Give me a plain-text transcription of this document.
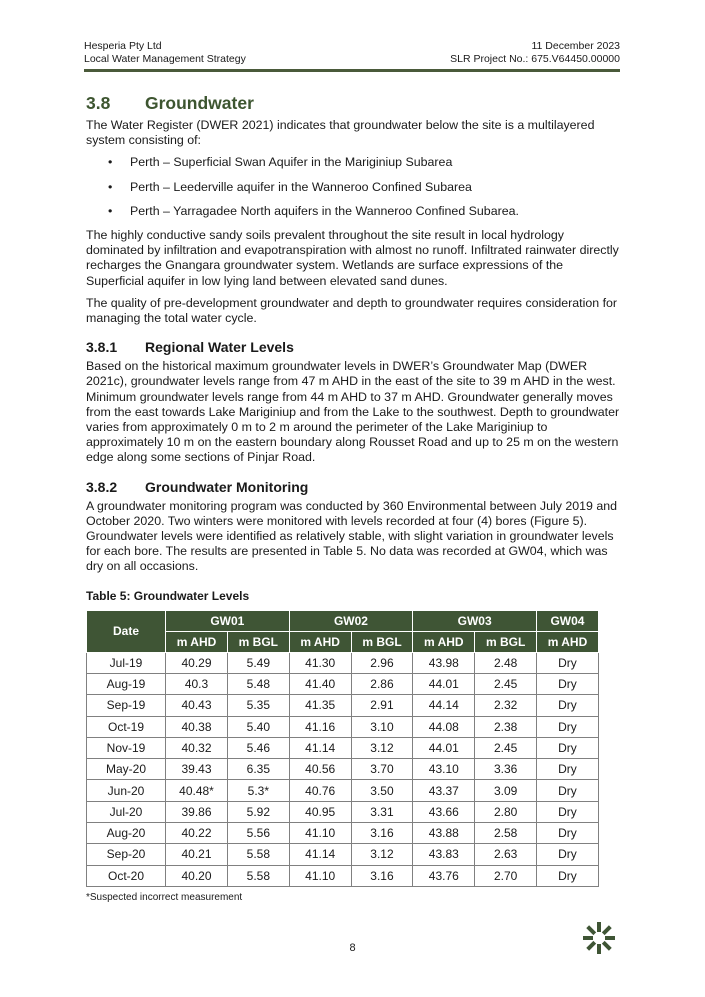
Hesperia Pty Ltd
Local Water Management Strategy
11 December 2023
SLR Project No.: 675.V64450.00000
3.8	Groundwater

The Water Register (DWER 2021) indicates that groundwater below the site is a multilayered system consisting of:

• Perth – Superficial Swan Aquifer in the Mariginiup Subarea
• Perth – Leederville aquifer in the Wanneroo Confined Subarea
• Perth – Yarragadee North aquifers in the Wanneroo Confined Subarea.

The highly conductive sandy soils prevalent throughout the site result in local hydrology dominated by infiltration and evapotranspiration with almost no runoff. Infiltrated rainwater directly recharges the Gnangara groundwater system. Wetlands are surface expressions of the Superficial aquifer in low lying land between elevated sand dunes.

The quality of pre-development groundwater and depth to groundwater requires consideration for managing the total water cycle.

3.8.1	Regional Water Levels

Based on the historical maximum groundwater levels in DWER’s Groundwater Map (DWER 2021c), groundwater levels range from 47 m AHD in the east of the site to 39 m AHD in the west. Minimum groundwater levels range from 44 m AHD to 37 m AHD. Groundwater generally moves from the east towards Lake Mariginiup and from the Lake to the southwest. Depth to groundwater varies from approximately 0 m to 2 m around the perimeter of the Lake Mariginiup to approximately 10 m on the eastern boundary along Rousset Road and up to 25 m on the western edge along some sections of Pinjar Road.

3.8.2	Groundwater Monitoring

A groundwater monitoring program was conducted by 360 Environmental between July 2019 and October 2020. Two winters were monitored with levels recorded at four (4) bores (Figure 5). Groundwater levels were identified as relatively stable, with slight variation in groundwater levels for each bore. The results are presented in Table 5. No data was recorded at GW04, which was dry on all occasions.

Table 5: Groundwater Levels
Date	GW01		GW02		GW03		GW04
	m AHD	m BGL	m AHD	m BGL	m AHD	m BGL	m AHD
Jul-19	40.29	5.49	41.30	2.96	43.98	2.48	Dry
Aug-19	40.3	5.48	41.40	2.86	44.01	2.45	Dry
Sep-19	40.43	5.35	41.35	2.91	44.14	2.32	Dry
Oct-19	40.38	5.40	41.16	3.10	44.08	2.38	Dry
Nov-19	40.32	5.46	41.14	3.12	44.01	2.45	Dry
May-20	39.43	6.35	40.56	3.70	43.10	3.36	Dry
Jun-20	40.48*	5.3*	40.76	3.50	43.37	3.09	Dry
Jul-20	39.86	5.92	40.95	3.31	43.66	2.80	Dry
Aug-20	40.22	5.56	41.10	3.16	43.88	2.58	Dry
Sep-20	40.21	5.58	41.14	3.12	43.83	2.63	Dry
Oct-20	40.20	5.58	41.10	3.16	43.76	2.70	Dry
*Suspected incorrect measurement
8
